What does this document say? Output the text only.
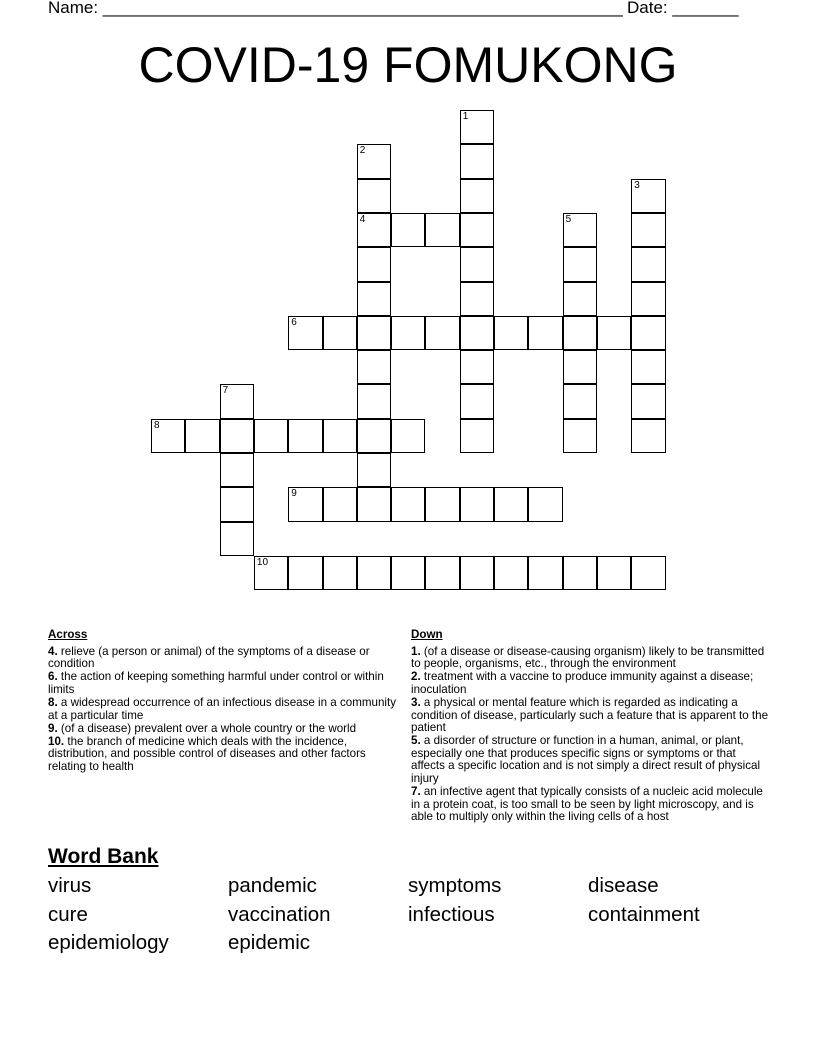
Name: _______________________________________________________ Date: _______
COVID-19 FOMUKONG
1
2
4
3
5
6
7
8
9
10
Across
4. relieve (a person or animal) of the symptoms of a disease or condition
6. the action of keeping something harmful under control or within limits
8. a widespread occurrence of an infectious disease in a community at a particular time
9. (of a disease) prevalent over a whole country or the world
10. the branch of medicine which deals with the incidence, distribution, and possible control of diseases and other factors relating to health
Down
1. (of a disease or disease-causing organism) likely to be transmitted to people, organisms, etc., through the environment
2. treatment with a vaccine to produce immunity against a disease; inoculation
3. a physical or mental feature which is regarded as indicating a condition of disease, particularly such a feature that is apparent to the patient
5. a disorder of structure or function in a human, animal, or plant, especially one that produces specific signs or symptoms or that affects a specific location and is not simply a direct result of physical injury
7. an infective agent that typically consists of a nucleic acid molecule in a protein coat, is too small to be seen by light microscopy, and is able to multiply only within the living cells of a host
Word Bank
virus	pandemic	symptoms	disease
cure	vaccination	infectious	containment
epidemiology	epidemic
